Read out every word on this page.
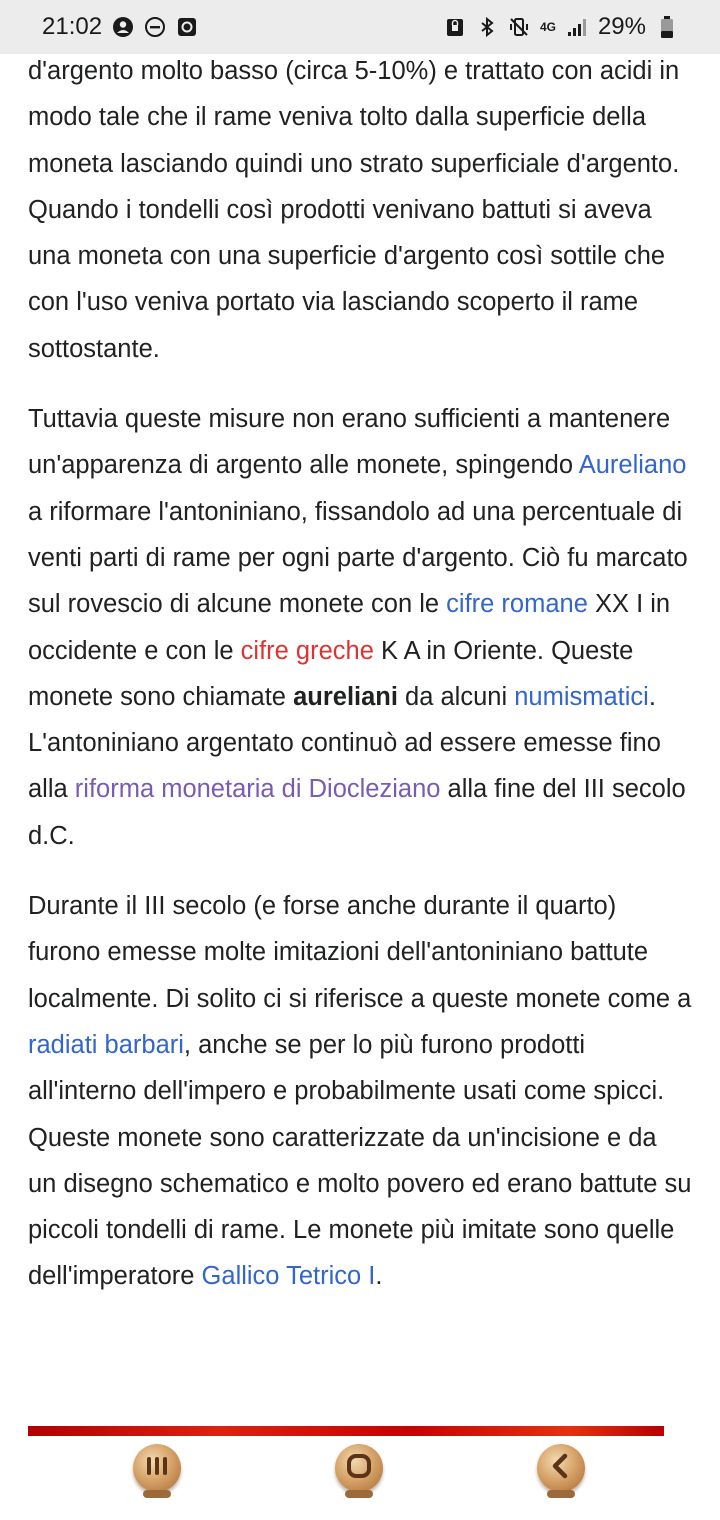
21:02	4G 29%

d'argento molto basso (circa 5-10%) e trattato con acidi in modo tale che il rame veniva tolto dalla superficie della moneta lasciando quindi uno strato superficiale d'argento. Quando i tondelli così prodotti venivano battuti si aveva una moneta con una superficie d'argento così sottile che con l'uso veniva portato via lasciando scoperto il rame sottostante.

Tuttavia queste misure non erano sufficienti a mantenere un'apparenza di argento alle monete, spingendo Aureliano a riformare l'antoniniano, fissandolo ad una percentuale di venti parti di rame per ogni parte d'argento. Ciò fu marcato sul rovescio di alcune monete con le cifre romane XX I in occidente e con le cifre greche K A in Oriente. Queste monete sono chiamate aureliani da alcuni numismatici. L'antoniniano argentato continuò ad essere emesse fino alla riforma monetaria di Diocleziano alla fine del III secolo d.C.

Durante il III secolo (e forse anche durante il quarto) furono emesse molte imitazioni dell'antoniniano battute localmente. Di solito ci si riferisce a queste monete come a radiati barbari, anche se per lo più furono prodotti all'interno dell'impero e probabilmente usati come spicci. Queste monete sono caratterizzate da un'incisione e da un disegno schematico e molto povero ed erano battute su piccoli tondelli di rame. Le monete più imitate sono quelle dell'imperatore Gallico Tetrico I.
